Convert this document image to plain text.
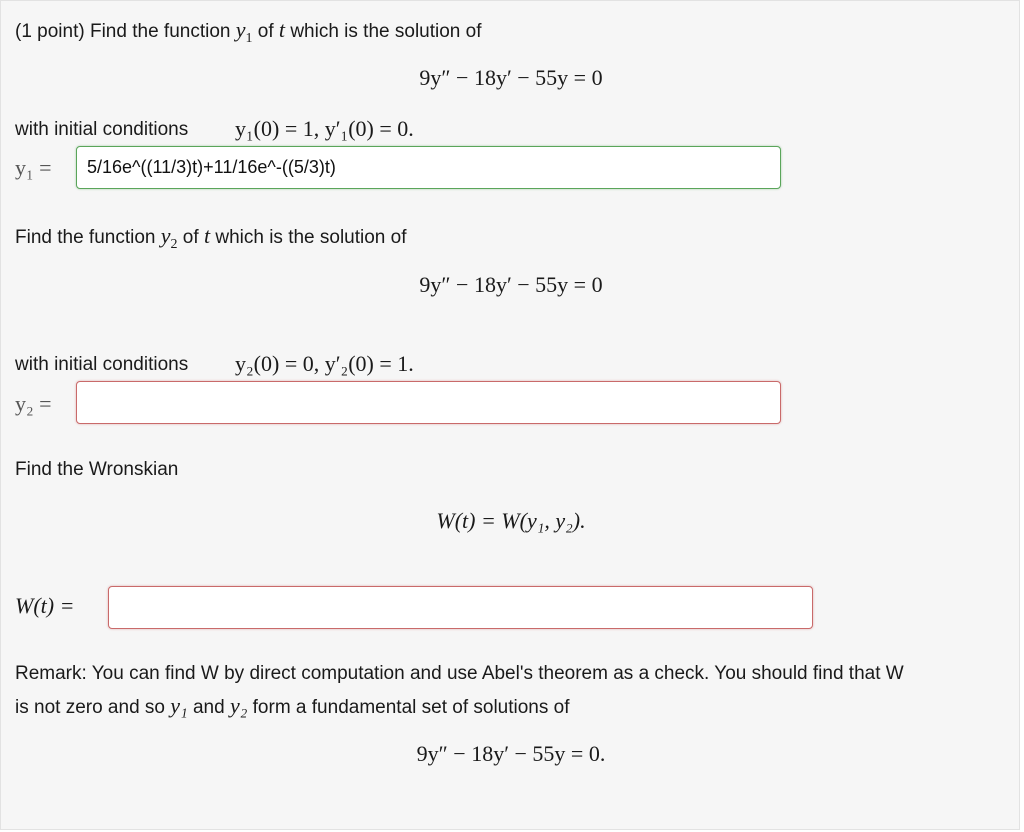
(1 point) Find the function $y_1$ of t which is the solution of
9y″ − 18y′ − 55y = 0
with initial conditions y₁(0) = 1, y′₁(0) = 0.
y₁ =
5/16e^((11/3)t)+11/16e^-((5/3)t)
Find the function $y_2$ of t which is the solution of
9y″ − 18y′ − 55y = 0
with initial conditions y₂(0) = 0, y′₂(0) = 1.
y₂ =
Find the Wronskian
W(t) = W(y₁, y₂).
W(t) =
Remark: You can find W by direct computation and use Abel's theorem as a check. You should find that W
is not zero and so y₁ and y₂ form a fundamental set of solutions of
9y″ − 18y′ − 55y = 0.
